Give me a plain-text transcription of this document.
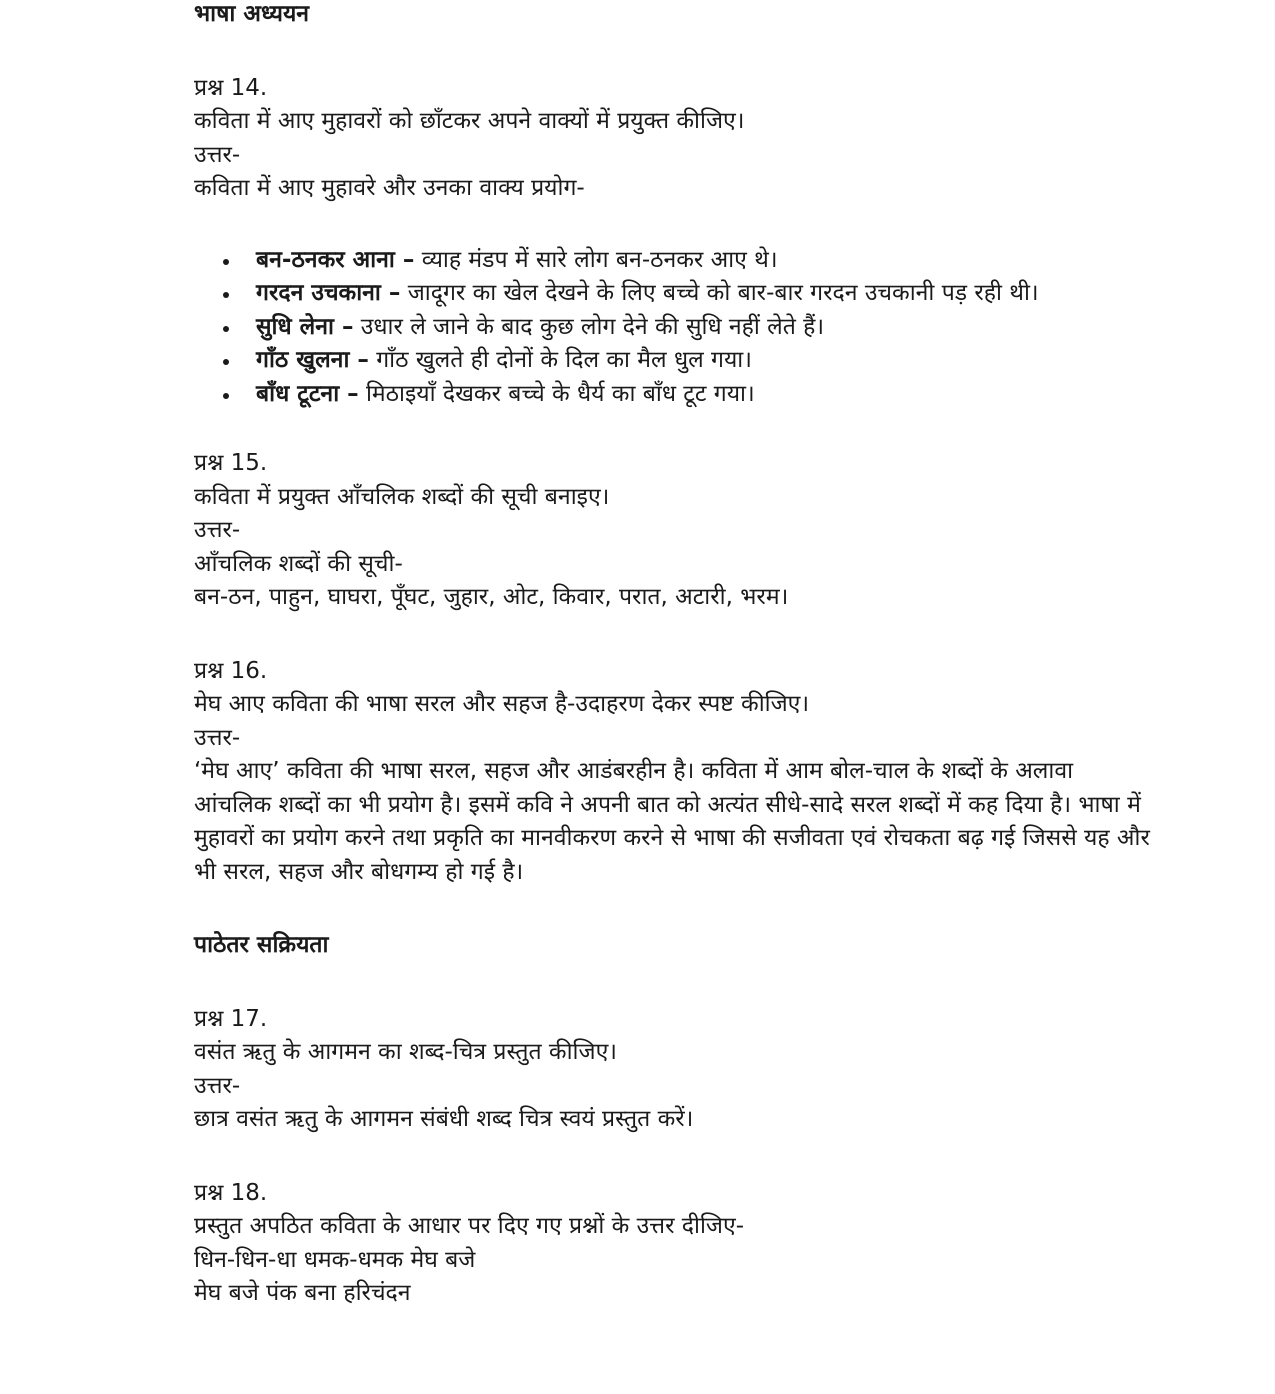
भाषा अध्ययन
प्रश्न 14.
कविता में आए मुहावरों को छाँटकर अपने वाक्यों में प्रयुक्त कीजिए।
उत्तर-
कविता में आए मुहावरे और उनका वाक्य प्रयोग-
बन-ठनकर आना – व्याह मंडप में सारे लोग बन-ठनकर आए थे।
गरदन उचकाना – जादूगर का खेल देखने के लिए बच्चे को बार-बार गरदन उचकानी पड़ रही थी।
सुधि लेना – उधार ले जाने के बाद कुछ लोग देने की सुधि नहीं लेते हैं।
गाँठ खुलना – गाँठ खुलते ही दोनों के दिल का मैल धुल गया।
बाँध टूटना – मिठाइयाँ देखकर बच्चे के धैर्य का बाँध टूट गया।
प्रश्न 15.
कविता में प्रयुक्त आँचलिक शब्दों की सूची बनाइए।
उत्तर-
आँचलिक शब्दों की सूची-
बन-ठन, पाहुन, घाघरा, पूँघट, जुहार, ओट, किवार, परात, अटारी, भरम।
प्रश्न 16.
मेघ आए कविता की भाषा सरल और सहज है-उदाहरण देकर स्पष्ट कीजिए।
उत्तर-
‘मेघ आए’ कविता की भाषा सरल, सहज और आडंबरहीन है। कविता में आम बोल-चाल के शब्दों के अलावा आंचलिक शब्दों का भी प्रयोग है। इसमें कवि ने अपनी बात को अत्यंत सीधे-सादे सरल शब्दों में कह दिया है। भाषा में मुहावरों का प्रयोग करने तथा प्रकृति का मानवीकरण करने से भाषा की सजीवता एवं रोचकता बढ़ गई जिससे यह और भी सरल, सहज और बोधगम्य हो गई है।
पाठेतर सक्रियता
प्रश्न 17.
वसंत ऋतु के आगमन का शब्द-चित्र प्रस्तुत कीजिए।
उत्तर-
छात्र वसंत ऋतु के आगमन संबंधी शब्द चित्र स्वयं प्रस्तुत करें।
प्रश्न 18.
प्रस्तुत अपठित कविता के आधार पर दिए गए प्रश्नों के उत्तर दीजिए-
धिन-धिन-धा धमक-धमक मेघ बजे
मेघ बजे पंक बना हरिचंदन
